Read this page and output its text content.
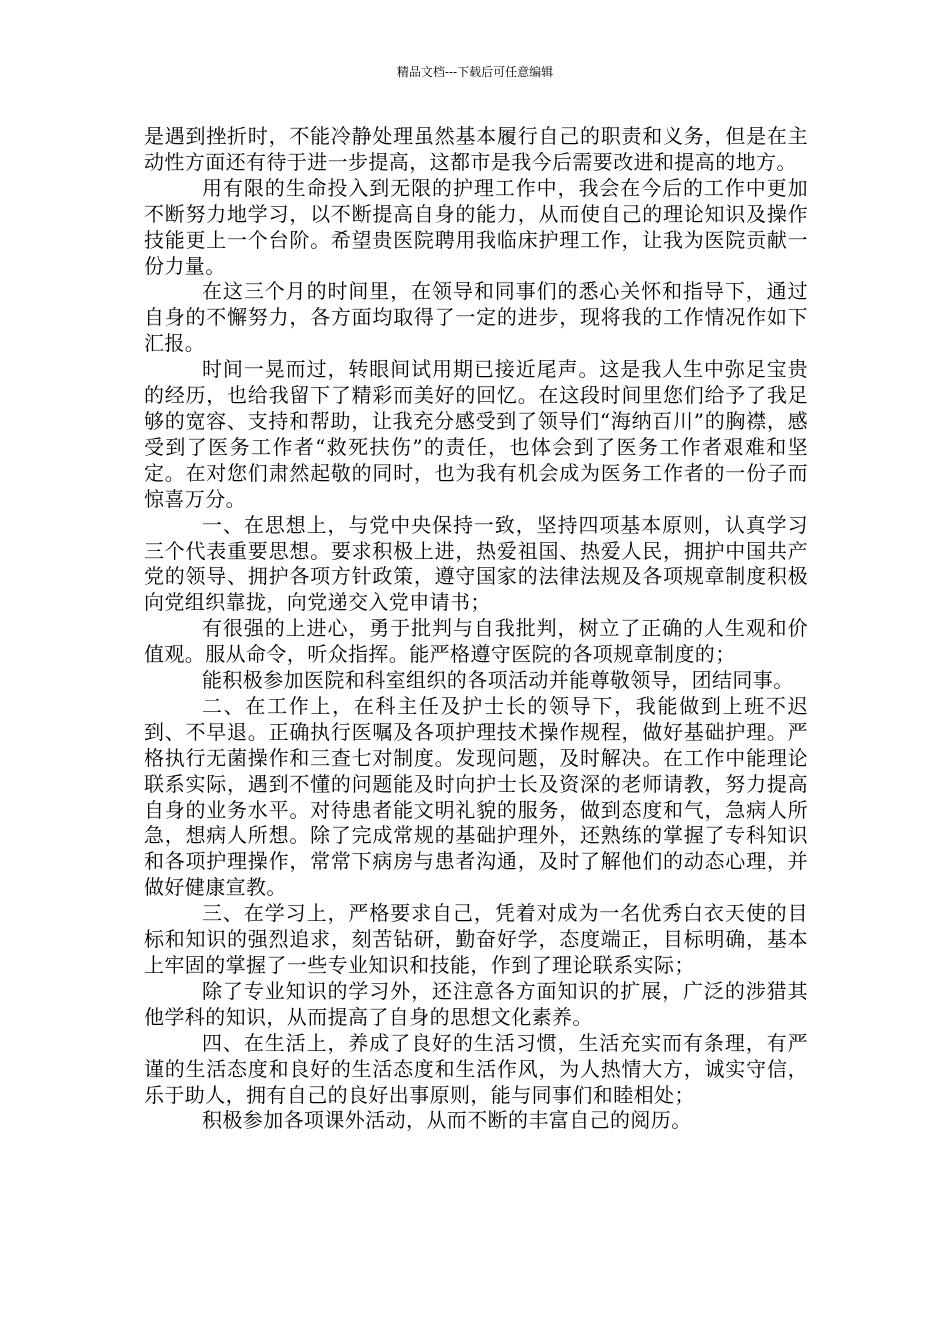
精品文档---下载后可任意编辑

是遇到挫折时，不能冷静处理虽然基本履行自己的职责和义务，但是在主动性方面还有待于进一步提高，这都市是我今后需要改进和提高的地方。

用有限的生命投入到无限的护理工作中，我会在今后的工作中更加不断努力地学习，以不断提高自身的能力，从而使自己的理论知识及操作技能更上一个台阶。希望贵医院聘用我临床护理工作，让我为医院贡献一份力量。

在这三个月的时间里，在领导和同事们的悉心关怀和指导下，通过自身的不懈努力，各方面均取得了一定的进步，现将我的工作情况作如下汇报。

时间一晃而过，转眼间试用期已接近尾声。这是我人生中弥足宝贵的经历，也给我留下了精彩而美好的回忆。在这段时间里您们给予了我足够的宽容、支持和帮助，让我充分感受到了领导们“海纳百川”的胸襟，感受到了医务工作者“救死扶伤”的责任，也体会到了医务工作者艰难和坚定。在对您们肃然起敬的同时，也为我有机会成为医务工作者的一份子而惊喜万分。

一、在思想上，与党中央保持一致，坚持四项基本原则，认真学习三个代表重要思想。要求积极上进，热爱祖国、热爱人民，拥护中国共产党的领导、拥护各项方针政策，遵守国家的法律法规及各项规章制度积极向党组织靠拢，向党递交入党申请书；

有很强的上进心，勇于批判与自我批判，树立了正确的人生观和价值观。服从命令，听众指挥。能严格遵守医院的各项规章制度的；

能积极参加医院和科室组织的各项活动并能尊敬领导，团结同事。

二、在工作上，在科主任及护士长的领导下，我能做到上班不迟到、不早退。正确执行医嘱及各项护理技术操作规程，做好基础护理。严格执行无菌操作和三查七对制度。发现问题，及时解决。在工作中能理论联系实际，遇到不懂的问题能及时向护士长及资深的老师请教，努力提高自身的业务水平。对待患者能文明礼貌的服务，做到态度和气，急病人所急，想病人所想。除了完成常规的基础护理外，还熟练的掌握了专科知识和各项护理操作，常常下病房与患者沟通，及时了解他们的动态心理，并做好健康宣教。

三、在学习上，严格要求自己，凭着对成为一名优秀白衣天使的目标和知识的强烈追求，刻苦钻研，勤奋好学，态度端正，目标明确，基本上牢固的掌握了一些专业知识和技能，作到了理论联系实际；

除了专业知识的学习外，还注意各方面知识的扩展，广泛的涉猎其他学科的知识，从而提高了自身的思想文化素养。

四、在生活上，养成了良好的生活习惯，生活充实而有条理，有严谨的生活态度和良好的生活态度和生活作风，为人热情大方，诚实守信，乐于助人，拥有自己的良好出事原则，能与同事们和睦相处；

积极参加各项课外活动，从而不断的丰富自己的阅历。
